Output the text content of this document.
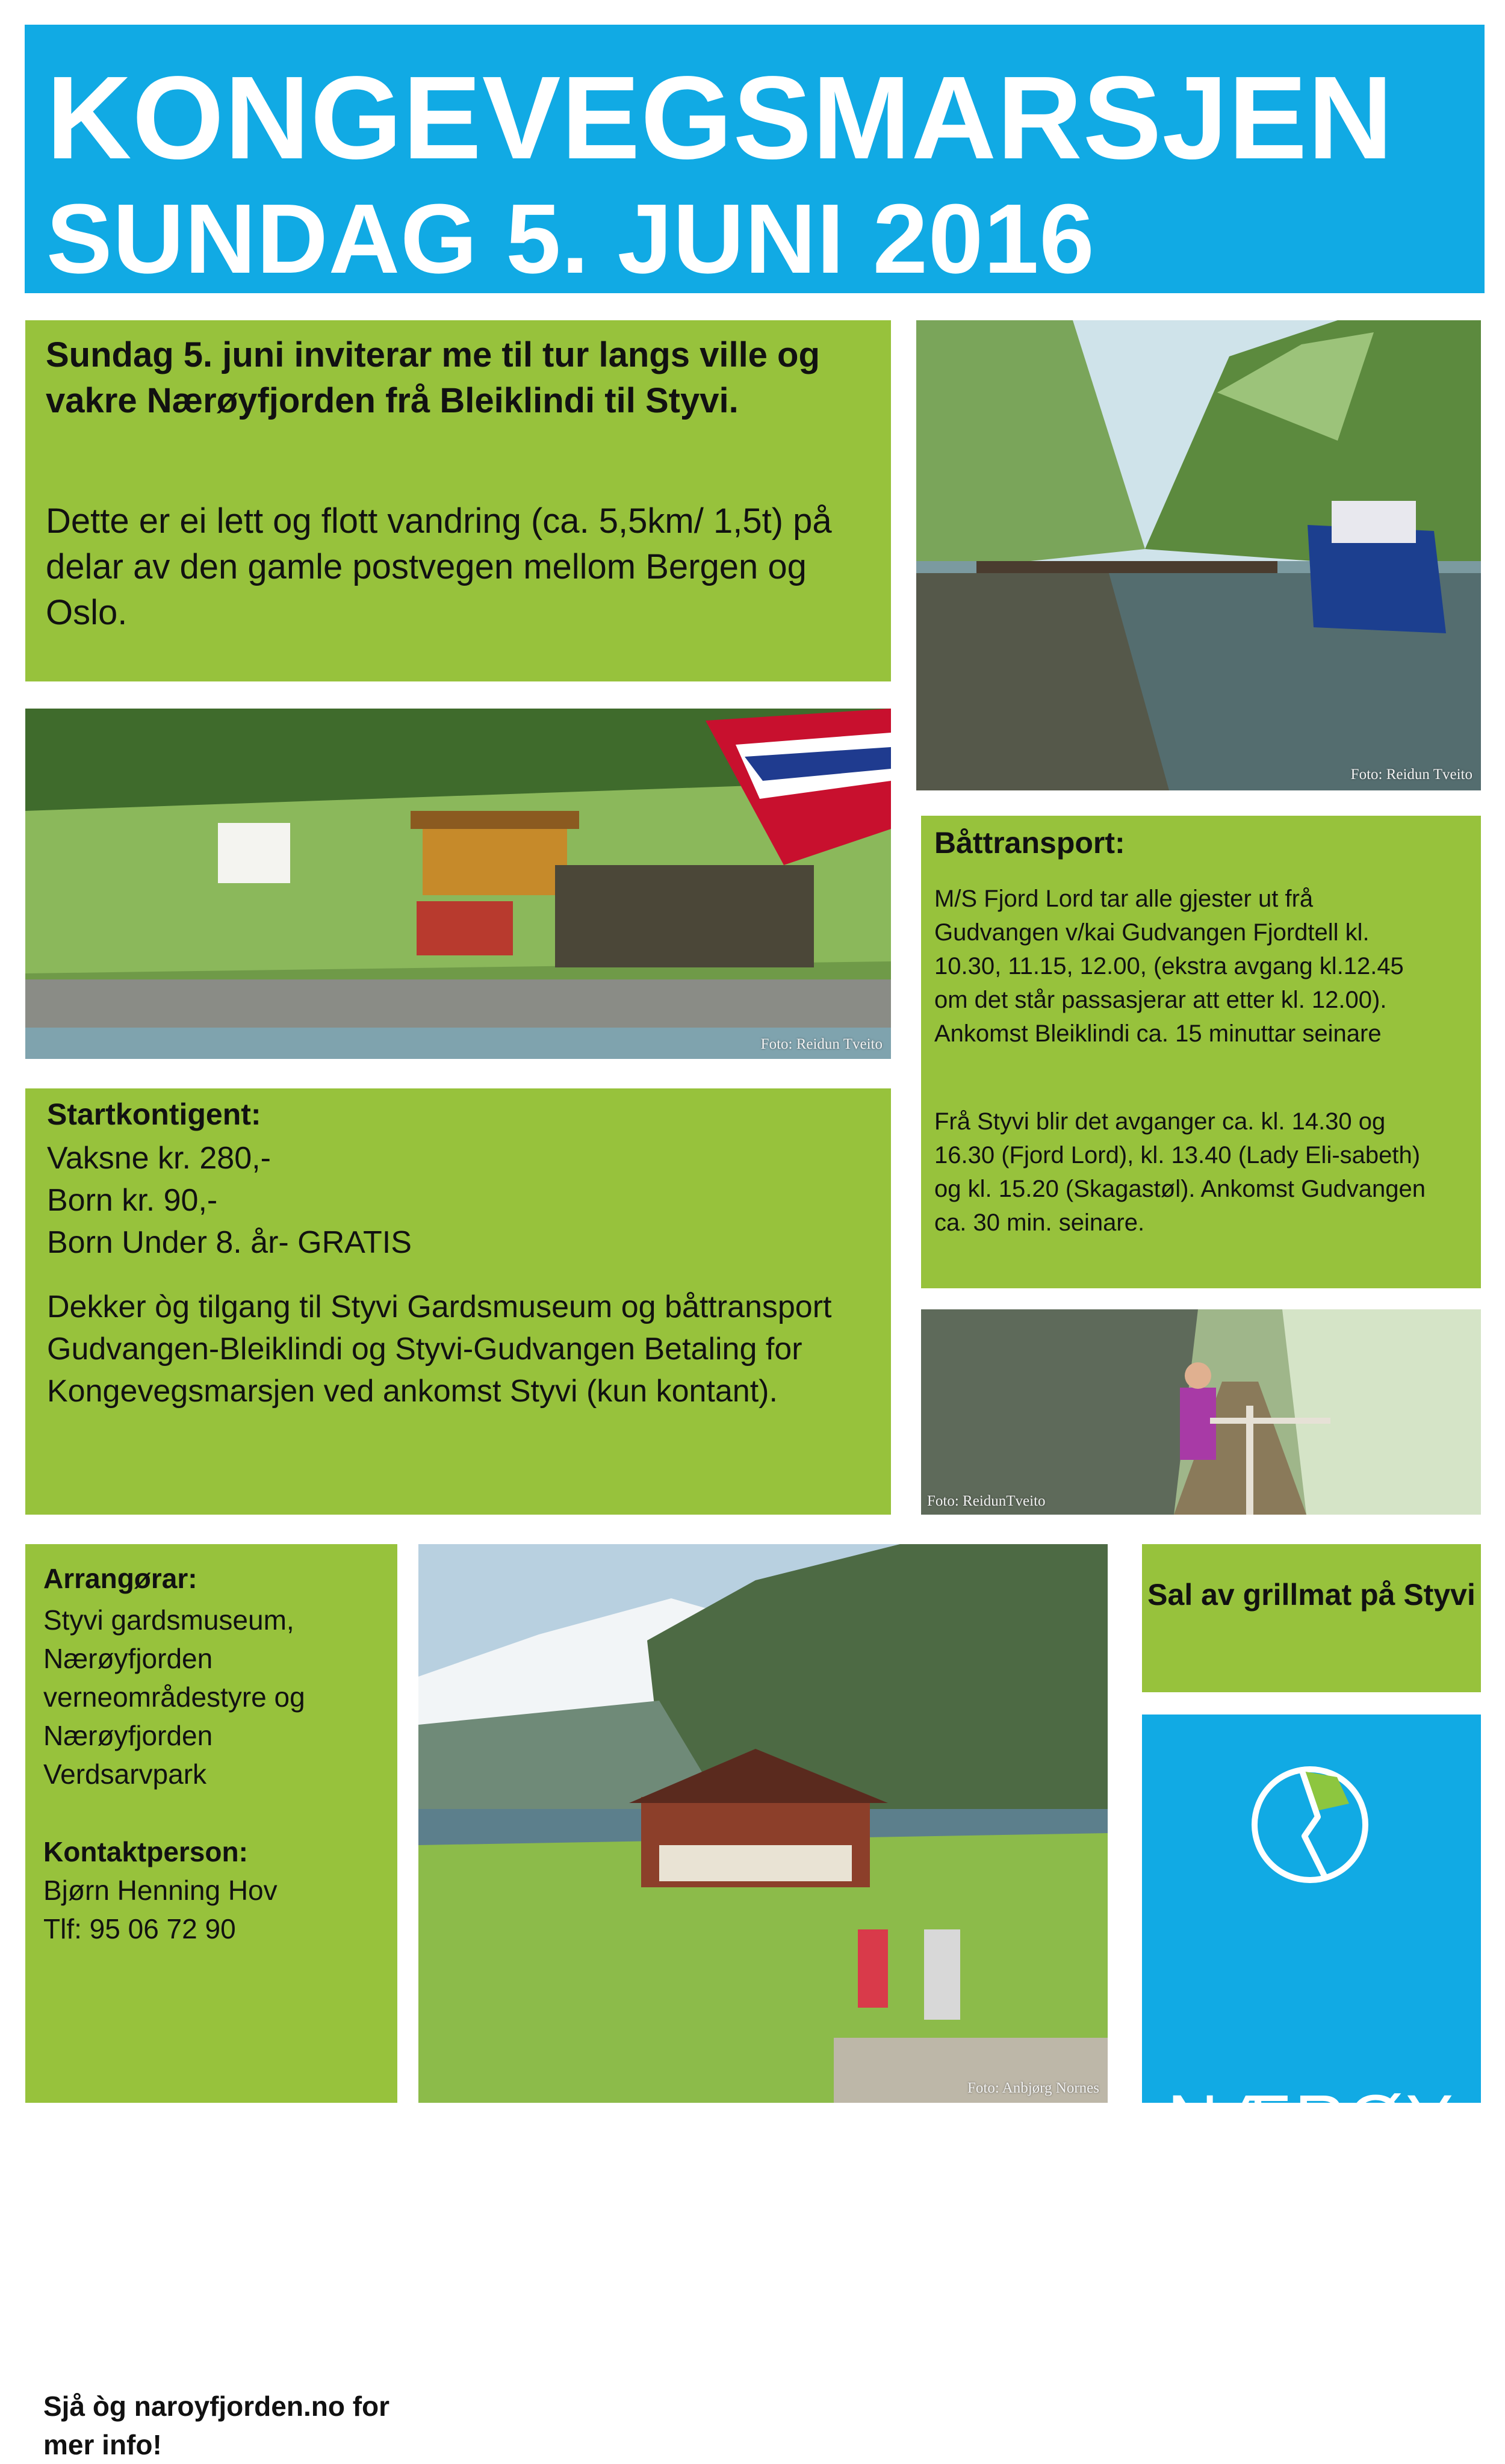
KONGEVEGSMARSJEN
SUNDAG 5. JUNI 2016

Sundag 5. juni inviterar me til tur langs ville og vakre Nærøyfjorden frå Bleiklindi til Styvi.

Dette er ei lett og flott vandring (ca. 5,5km/ 1,5t) på delar av den gamle postvegen mellom Bergen og Oslo.

Foto: Reidun Tveito
Foto: Reidun Tveito
Båttransport:

M/S Fjord Lord tar alle gjester ut frå Gudvangen v/kai Gudvangen Fjordtell kl. 10.30, 11.15, 12.00, (ekstra avgang kl.12.45 om det står passasjerar att etter kl. 12.00). Ankomst Bleiklindi ca. 15 minuttar seinare

Frå Styvi blir det avganger ca. kl. 14.30 og 16.30 (Fjord Lord), kl. 13.40 (Lady Eli-sabeth) og kl. 15.20 (Skagastøl). Ankomst Gudvangen ca. 30 min. seinare.

Startkontigent:
Vaksne kr. 280,-
Born kr. 90,-
Born Under 8. år- GRATIS

Dekker òg tilgang til Styvi Gardsmuseum og båttransport Gudvangen-Bleiklindi og Styvi-Gudvangen Betaling for Kongevegsmarsjen ved ankomst Styvi (kun kontant).

Foto: ReidunTveito
Arrangørar:

Styvi gardsmuseum, Nærøyfjorden verneområdestyre og Nærøyfjorden Verdsarvpark

Kontaktperson:
Bjørn Henning Hov
Tlf: 95 06 72 90

Sjå òg naroyfjorden.no for mer info!

Foto: Anbjørg Nornes

Sal av grillmat på Styvi

NÆRØY
FJORDEN
VERDSARVPARK
